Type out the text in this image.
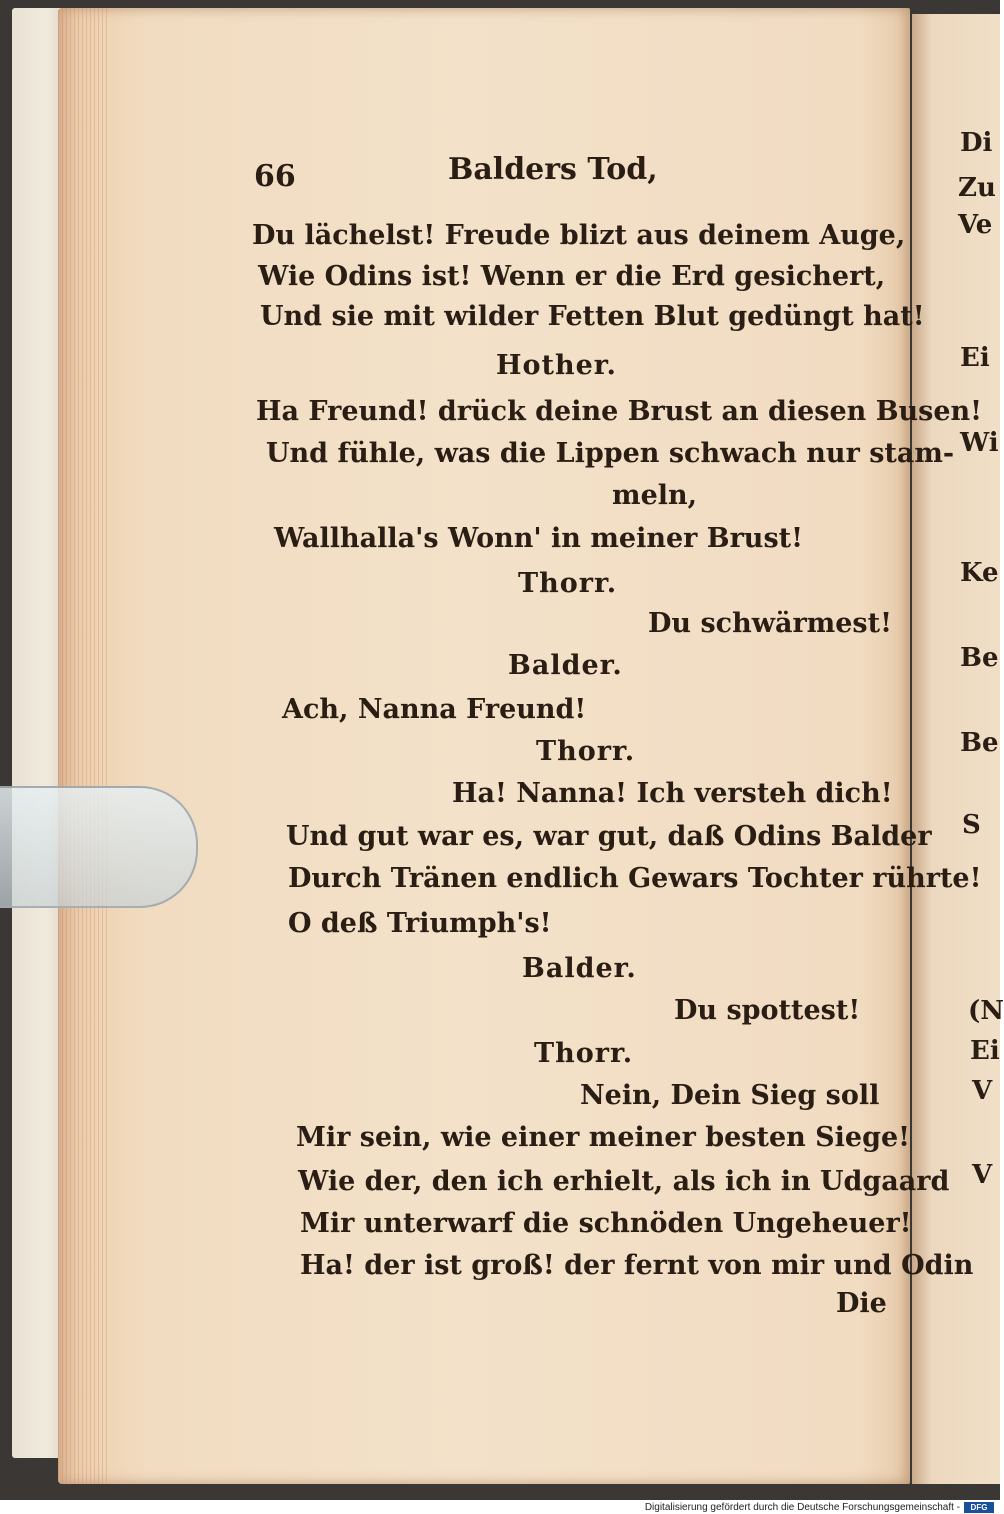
Di
Zu
Ve
Ei
Wi
Ke
Be
Be
S
(N
Ei
V
V
66	Balders Tod,
Du lächelst! Freude blizt aus deinem Auge,
Wie Odins ist! Wenn er die Erd gesichert,
Und sie mit wilder Fetten Blut gedüngt hat!
Hother.
Ha Freund! drück deine Brust an diesen Busen!
Und fühle, was die Lippen schwach nur stam-
meln,
Wallhalla's Wonn' in meiner Brust!
Thorr.
Du schwärmest!
Balder.
Ach, Nanna Freund!
Thorr.
Ha! Nanna! Ich versteh dich!
Und gut war es, war gut, daß Odins Balder
Durch Tränen endlich Gewars Tochter rührte!
O deß Triumph's!
Balder.
Du spottest!
Thorr.
Nein, Dein Sieg soll
Mir sein, wie einer meiner besten Siege!
Wie der, den ich erhielt, als ich in Udgaard
Mir unterwarf die schnöden Ungeheuer!
Ha! der ist groß! der fernt von mir und Odin
Die
Digitalisierung gefördert durch die Deutsche Forschungsgemeinschaft -	DFG
